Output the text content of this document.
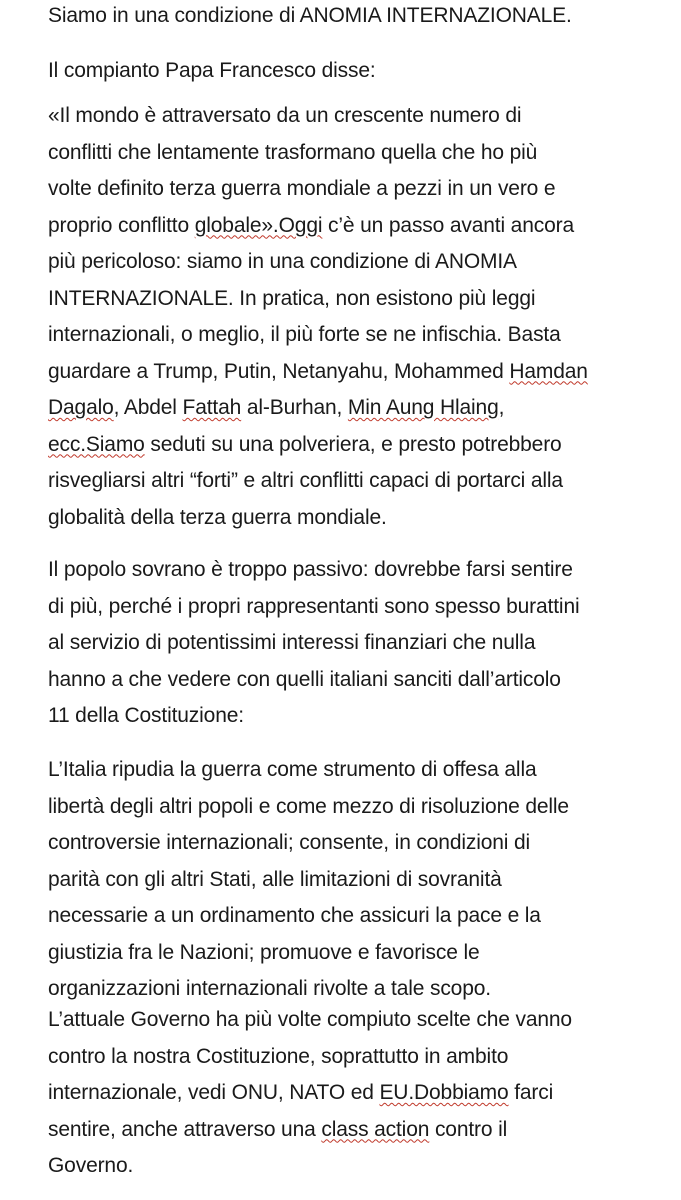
Siamo in una condizione di ANOMIA INTERNAZIONALE.

Il compianto Papa Francesco disse:

«Il mondo è attraversato da un crescente numero di
conflitti che lentamente trasformano quella che ho più
volte definito terza guerra mondiale a pezzi in un vero e
proprio conflitto globale».Oggi c’è un passo avanti ancora
più pericoloso: siamo in una condizione di ANOMIA
INTERNAZIONALE. In pratica, non esistono più leggi
internazionali, o meglio, il più forte se ne infischia. Basta
guardare a Trump, Putin, Netanyahu, Mohammed Hamdan
Dagalo, Abdel Fattah al-Burhan, Min Aung Hlaing,
ecc.Siamo seduti su una polveriera, e presto potrebbero
risvegliarsi altri “forti” e altri conflitti capaci di portarci alla
globalità della terza guerra mondiale.

Il popolo sovrano è troppo passivo: dovrebbe farsi sentire
di più, perché i propri rappresentanti sono spesso burattini
al servizio di potentissimi interessi finanziari che nulla
hanno a che vedere con quelli italiani sanciti dall’articolo
11 della Costituzione:

L’Italia ripudia la guerra come strumento di offesa alla
libertà degli altri popoli e come mezzo di risoluzione delle
controversie internazionali; consente, in condizioni di
parità con gli altri Stati, alle limitazioni di sovranità
necessarie a un ordinamento che assicuri la pace e la
giustizia fra le Nazioni; promuove e favorisce le
organizzazioni internazionali rivolte a tale scopo.

L’attuale Governo ha più volte compiuto scelte che vanno
contro la nostra Costituzione, soprattutto in ambito
internazionale, vedi ONU, NATO ed EU.Dobbiamo farci
sentire, anche attraverso una class action contro il
Governo.
